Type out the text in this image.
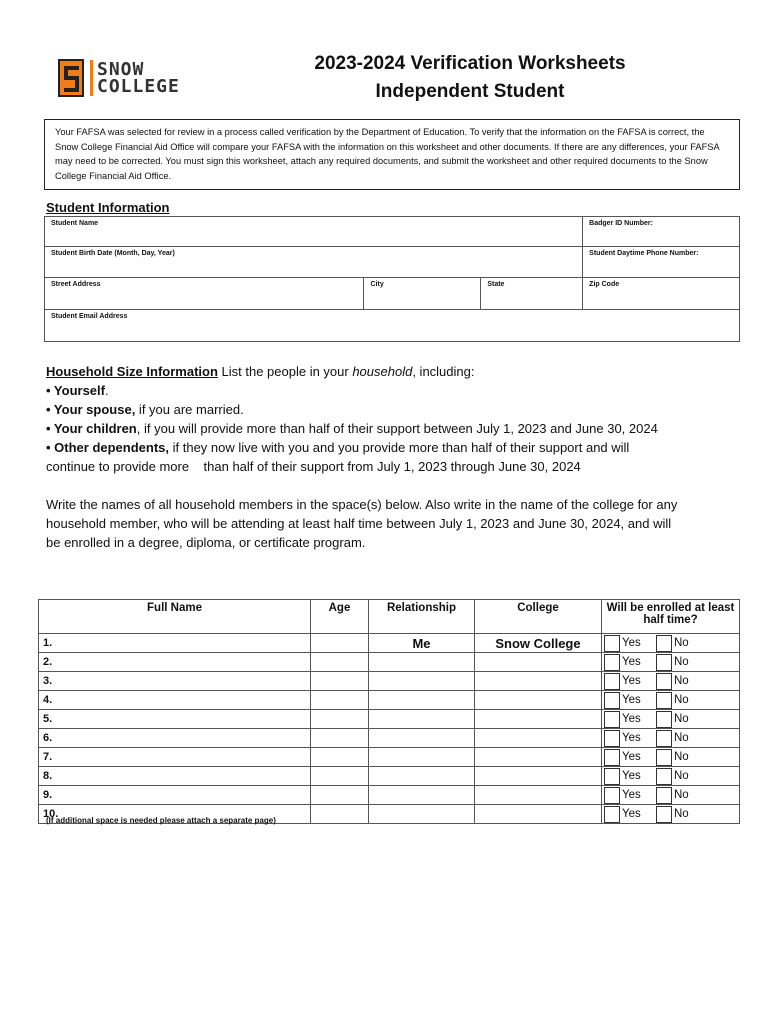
SNOW
COLLEGE
2023-2024 Verification Worksheets
Independent Student
Your FAFSA was selected for review in a process called verification by the Department of Education. To verify that the information on the FAFSA is correct, the Snow College Financial Aid Office will compare your FAFSA with the information on this worksheet and other documents. If there are any differences, your FAFSA may need to be corrected. You must sign this worksheet, attach any required documents, and submit the worksheet and other required documents to the Snow College Financial Aid Office.
Student Information
Student Name			Badger ID Number:
Student Birth Date (Month, Day, Year)			Student Daytime Phone Number:
Street Address	City	State	Zip Code
Student Email Address			
Household Size Information List the people in your household, including:
• Yourself.
• Your spouse, if you are married.
• Your children, if you will provide more than half of their support between July 1, 2023 and June 30, 2024
• Other dependents, if they now live with you and you provide more than half of their support and will
continue to provide more    than half of their support from July 1, 2023 through June 30, 2024
Write the names of all household members in the space(s) below. Also write in the name of the college for any
household member, who will be attending at least half time between July 1, 2023 and June 30, 2024, and will
be enrolled in a degree, diploma, or certificate program.
Full Name	Age	Relationship	College	Will be enrolled at least half time?
1.		Me	Snow College	Yes No

2.				Yes No

3.				Yes No

4.				Yes No

5.				Yes No

6.				Yes No

7.				Yes No

8.				Yes No

9.				Yes No

10.				Yes No
(If additional space is needed please attach a separate page)
